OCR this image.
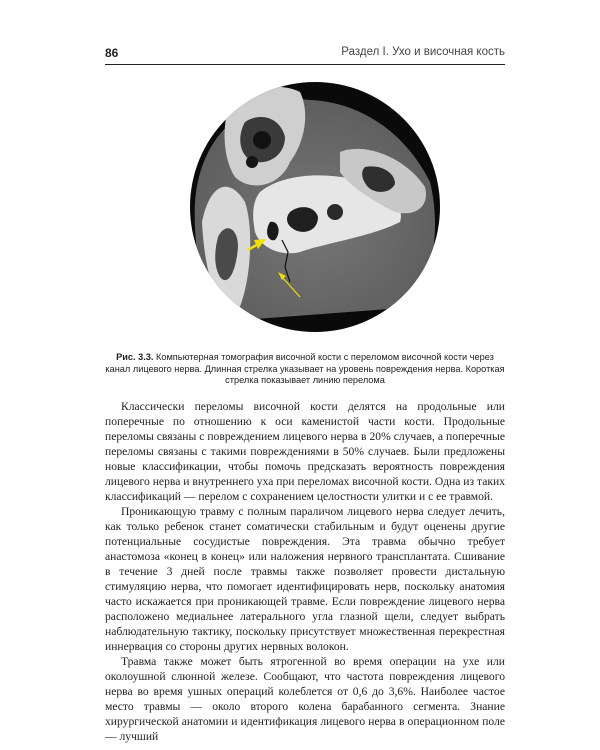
86	Раздел I. Ухо и височная кость
Рис. 3.3. Компьютерная томография височной кости с переломом височной кости через канал лицевого нерва. Длинная стрелка указывает на уровень повреждения нерва. Короткая стрелка показывает линию перелома

Классически переломы височной кости делятся на продольные или поперечные по отношению к оси каменистой части кости. Продольные переломы связаны с повреждением лицевого нерва в 20% случаев, а поперечные переломы связаны с такими повреждениями в 50% случаев. Были предложены новые классификации, чтобы помочь предсказать вероятность повреждения лицевого нерва и внутреннего уха при переломах височной кости. Одна из таких классификаций — перелом с сохранением целостности улитки и с ее травмой.

Проникающую травму с полным параличом лицевого нерва следует лечить, как только ребенок станет соматически стабильным и будут оценены другие потенциальные сосудистые повреждения. Эта травма обычно требует анастомоза «конец в конец» или наложения нервного трансплантата. Сшивание в течение 3 дней после травмы также позволяет провести дистальную стимуляцию нерва, что помогает идентифицировать нерв, поскольку анатомия часто искажается при проникающей травме. Если повреждение лицевого нерва расположено медиальнее латерального угла глазной щели, следует выбрать наблюдательную тактику, поскольку присутствует множественная перекрестная иннервация со стороны других нервных волокон.

Травма также может быть ятрогенной во время операции на ухе или околоушной слюнной железе. Сообщают, что частота повреждения лицевого нерва во время ушных операций колеблется от 0,6 до 3,6%. Наиболее частое место травмы — около второго колена барабанного сегмента. Знание хирургической анатомии и идентификация лицевого нерва в операционном поле — лучший
